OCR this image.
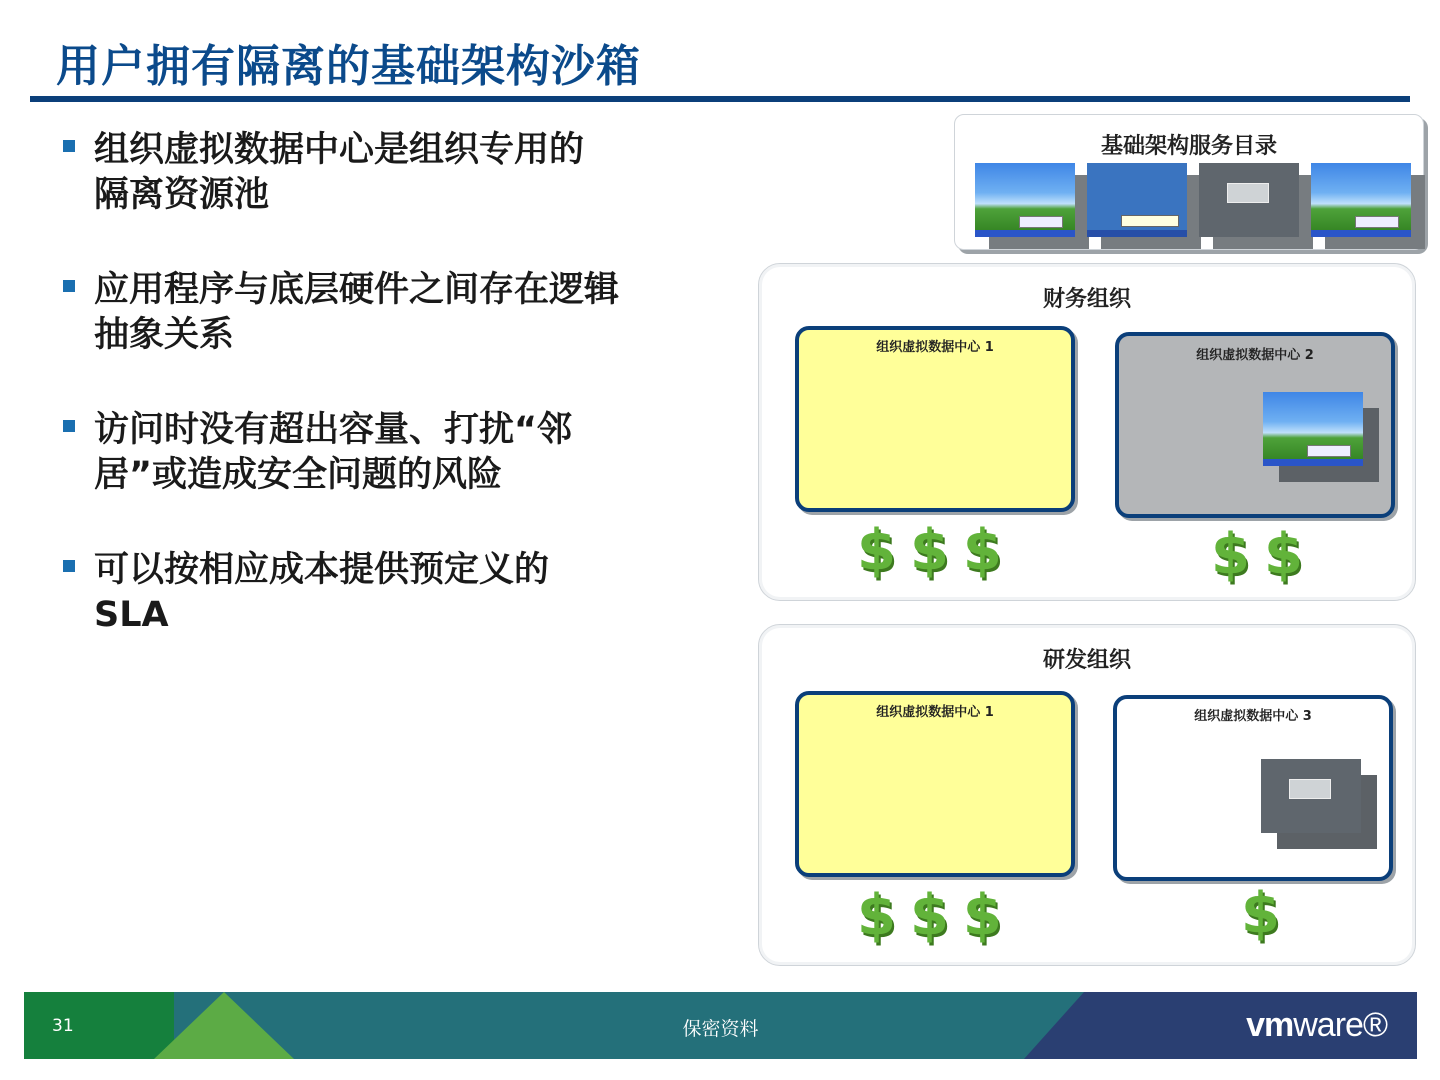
用户拥有隔离的基础架构沙箱
组织虚拟数据中心是组织专用的
隔离资源池
应用程序与底层硬件之间存在逻辑
抽象关系
访问时没有超出容量、打扰“邻
居”或造成安全问题的风险
可以按相应成本提供预定义的
SLA
基础架构服务目录
财务组织
组织虚拟数据中心 1
组织虚拟数据中心 2
$$$	$$
研发组织
组织虚拟数据中心 1	组织虚拟数据中心 3
$$$	$
31	保密资料	vmware®
